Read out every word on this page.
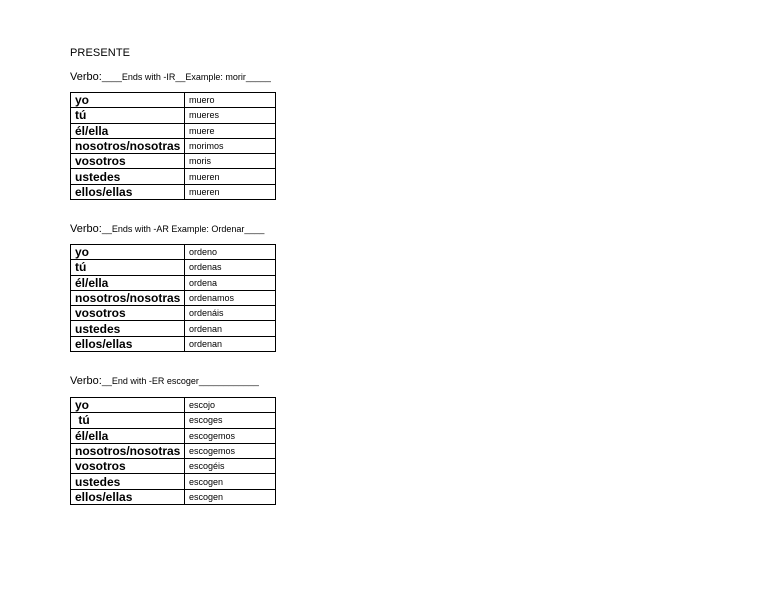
PRESENTE
Verbo:____Ends with -IR__Example: morir_____
yo	muero
tú	mueres
él/ella	muere
nosotros/nosotras	morimos
vosotros	moris
ustedes	mueren
ellos/ellas	mueren
Verbo:__Ends with -AR Example: Ordenar____
yo	ordeno
tú	ordenas
él/ella	ordena
nosotros/nosotras	ordenamos
vosotros	ordenáis
ustedes	ordenan
ellos/ellas	ordenan
Verbo:__End with -ER escoger____________
yo	escojo
tú	escoges
él/ella	escogemos
nosotros/nosotras	escogemos
vosotros	escogéis
ustedes	escogen
ellos/ellas	escogen
